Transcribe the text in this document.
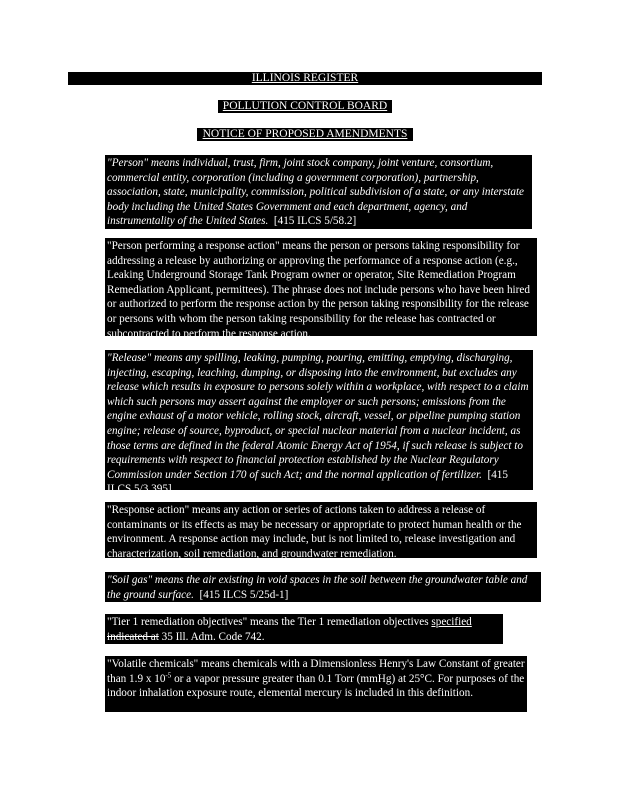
ILLINOIS REGISTER
POLLUTION CONTROL BOARD
NOTICE OF PROPOSED AMENDMENTS

"Person" means individual, trust, firm, joint stock company, joint venture, consortium, commercial entity, corporation (including a government corporation), partnership, association, state, municipality, commission, political subdivision of a state, or any interstate body including the United States Government and each department, agency, and instrumentality of the United States. [415 ILCS 5/58.2]

"Person performing a response action" means the person or persons taking responsibility for addressing a release by authorizing or approving the performance of a response action (e.g., Leaking Underground Storage Tank Program owner or operator, Site Remediation Program Remediation Applicant, permittees). The phrase does not include persons who have been hired or authorized to perform the response action by the person taking responsibility for the release or persons with whom the person taking responsibility for the release has contracted or subcontracted to perform the response action.

"Release" means any spilling, leaking, pumping, pouring, emitting, emptying, discharging, injecting, escaping, leaching, dumping, or disposing into the environment, but excludes any release which results in exposure to persons solely within a workplace, with respect to a claim which such persons may assert against the employer or such persons; emissions from the engine exhaust of a motor vehicle, rolling stock, aircraft, vessel, or pipeline pumping station engine; release of source, byproduct, or special nuclear material from a nuclear incident, as those terms are defined in the federal Atomic Energy Act of 1954, if such release is subject to requirements with respect to financial protection established by the Nuclear Regulatory Commission under Section 170 of such Act; and the normal application of fertilizer. [415 ILCS 5/3.395]

"Response action" means any action or series of actions taken to address a release of contaminants or its effects as may be necessary or appropriate to protect human health or the environment. A response action may include, but is not limited to, release investigation and characterization, soil remediation, and groundwater remediation.

"Soil gas" means the air existing in void spaces in the soil between the groundwater table and the ground surface. [415 ILCS 5/25d-1]

"Tier 1 remediation objectives" means the Tier 1 remediation objectives specified indicated at 35 Ill. Adm. Code 742.

"Volatile chemicals" means chemicals with a Dimensionless Henry's Law Constant of greater than 1.9 x $10^{-5}$ or a vapor pressure greater than 0.1 Torr (mmHg) at 25°C. For purposes of the indoor inhalation exposure route, elemental mercury is included in this definition.
